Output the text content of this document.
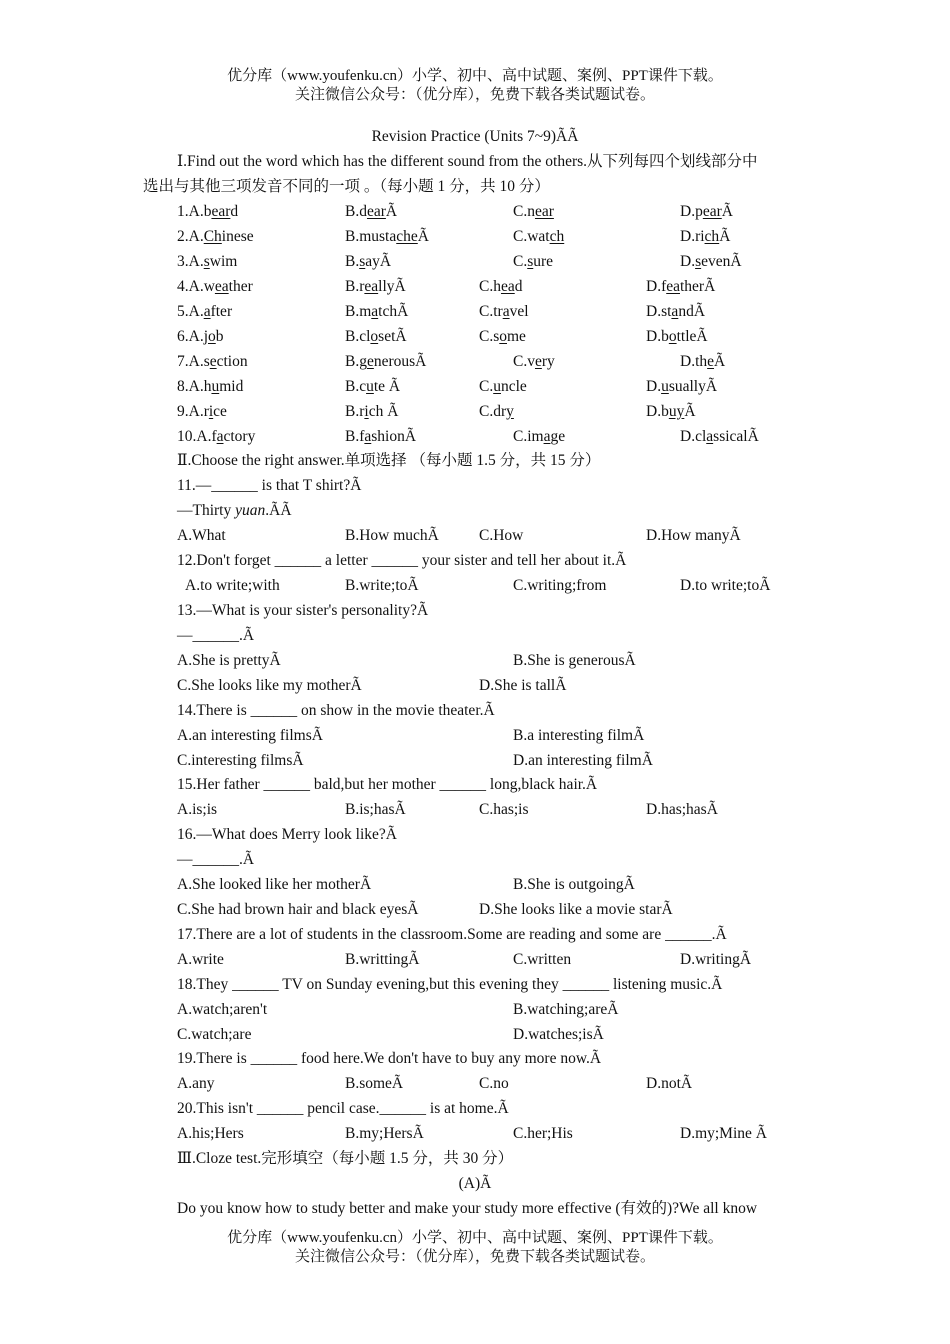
优分库（www.youfenku.cn）小学、初中、高中试题、案例、PPT课件下载。
关注微信公众号：（优分库），免费下载各类试题试卷。
Revision Practice (Units 7~9)ÃÃ
Ⅰ.Find out the word which has the different sound from the others.从下列每四个划线部分中
选出与其他三项发音不同的一项 。（每小题 1 分，共 10 分）
1.A.beard	B.dearÃ	C.near	D.pearÃ
2.A.Chinese	B.mustacheÃ	C.watch	D.richÃ
3.A.swim	B.sayÃ	C.sure	D.sevenÃ
4.A.weather	B.reallyÃ	C.head	D.featherÃ
5.A.after	B.matchÃ	C.travel	D.standÃ
6.A.job	B.closetÃ	C.some	D.bottleÃ
7.A.section	B.generousÃ	C.very	D.theÃ
8.A.humid	B.cute Ã	C.uncle	D.usuallyÃ
9.A.rice	B.rich Ã	C.dry	D.buyÃ
10.A.factory	B.fashionÃ	C.image	D.classicalÃ
Ⅱ.Choose the right answer.单项选择 （每小题 1.5 分，共 15 分）
11.—______ is that T shirt?Ã
—Thirty yuan.ÃÃ
A.What	B.How muchÃ	C.How	D.How manyÃ
12.Don't forget ______ a letter ______ your sister and tell her about it.Ã
A.to write;with	B.write;toÃ	C.writing;from	D.to write;toÃ
13.—What is your sister's personality?Ã
—______.Ã
A.She is prettyÃ	B.She is generousÃ
C.She looks like my motherÃ	D.She is tallÃ
14.There is ______ on show in the movie theater.Ã
A.an interesting filmsÃ	B.a interesting filmÃ
C.interesting filmsÃ	D.an interesting filmÃ
15.Her father ______ bald,but her mother ______ long,black hair.Ã
A.is;is	B.is;hasÃ	C.has;is	D.has;hasÃ
16.—What does Merry look like?Ã
—______.Ã
A.She looked like her motherÃ	B.She is outgoingÃ
C.She had brown hair and black eyesÃ	D.She looks like a movie starÃ
17.There are a lot of students in the classroom.Some are reading and some are ______.Ã
A.write	B.writtingÃ	C.written	D.writingÃ
18.They ______ TV on Sunday evening,but this evening they ______ listening music.Ã
A.watch;aren't	B.watching;areÃ
C.watch;are	D.watches;isÃ
19.There is ______ food here.We don't have to buy any more now.Ã
A.any	B.someÃ	C.no	D.notÃ
20.This isn't ______ pencil case.______ is at home.Ã
A.his;Hers	B.my;HersÃ	C.her;His	D.my;Mine Ã
Ⅲ.Cloze test.完形填空（每小题 1.5 分，共 30 分）
(A)Ã
Do you know how to study better and make your study more effective (有效的)?We all know
优分库（www.youfenku.cn）小学、初中、高中试题、案例、PPT课件下载。
关注微信公众号：（优分库），免费下载各类试题试卷。
